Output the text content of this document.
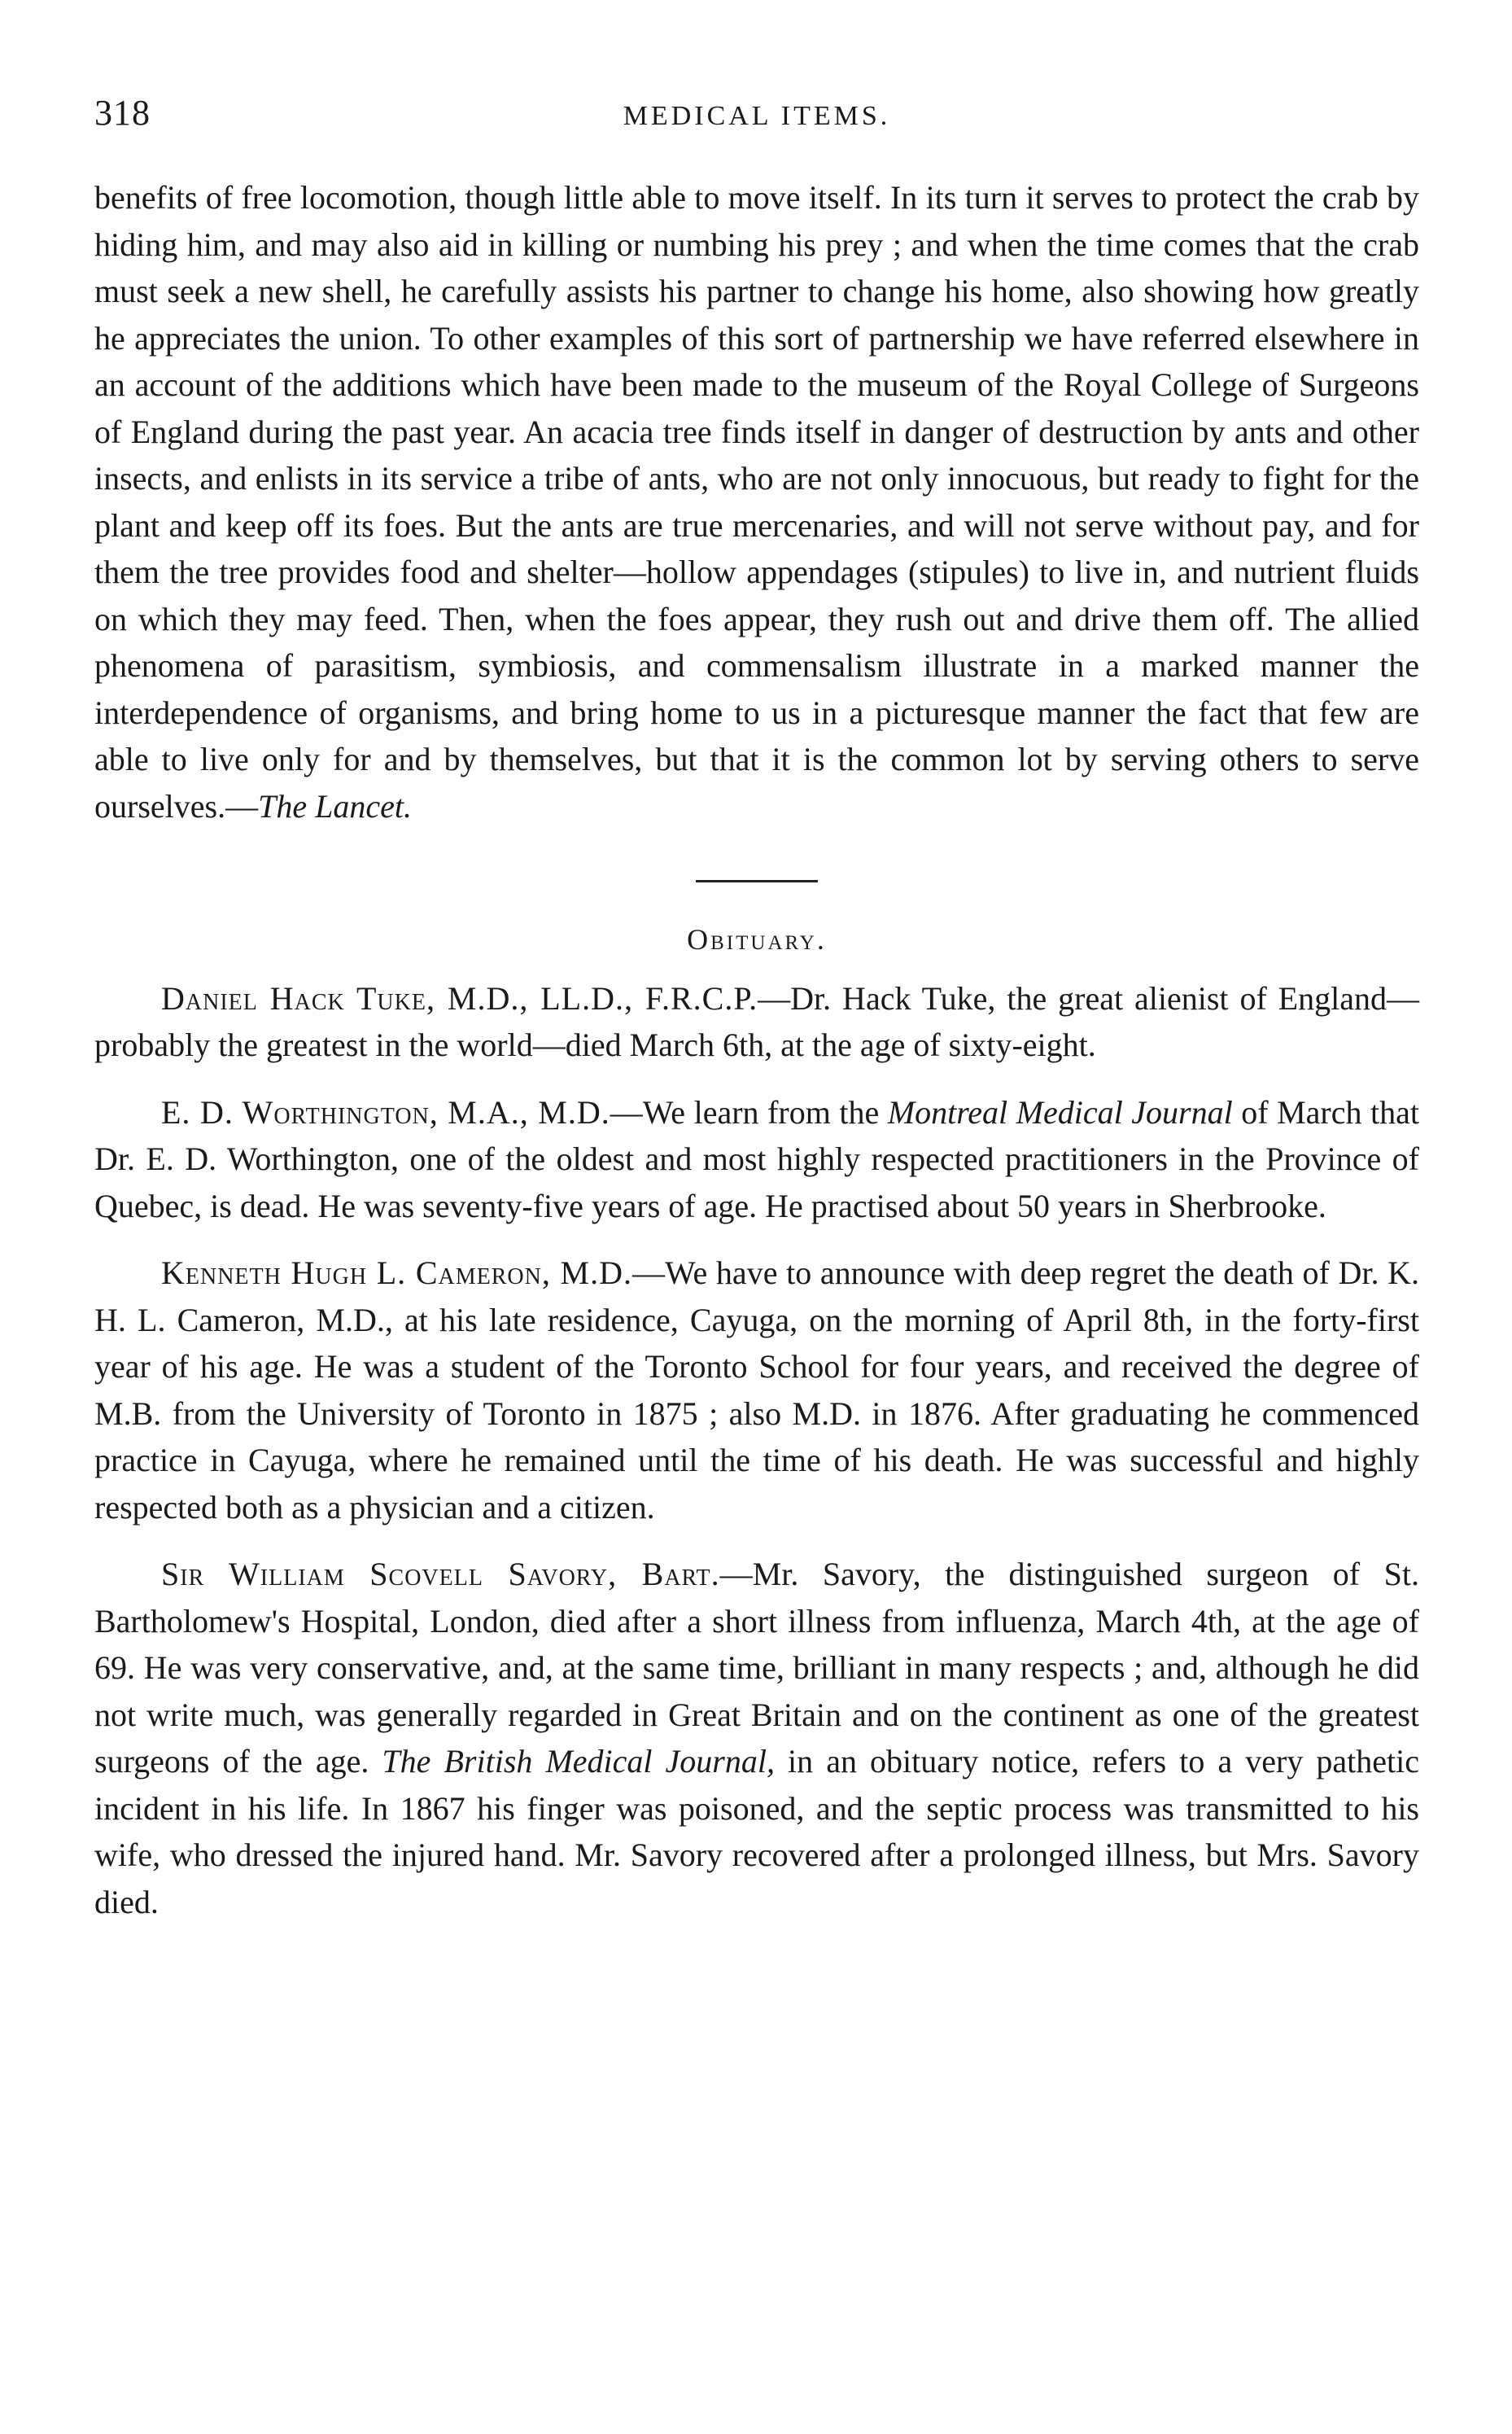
318	MEDICAL ITEMS.

benefits of free locomotion, though little able to move itself. In its turn it serves to protect the crab by hiding him, and may also aid in killing or numbing his prey ; and when the time comes that the crab must seek a new shell, he carefully assists his partner to change his home, also showing how greatly he appreciates the union. To other examples of this sort of partnership we have referred elsewhere in an account of the additions which have been made to the museum of the Royal College of Surgeons of England during the past year. An acacia tree finds itself in danger of destruction by ants and other insects, and enlists in its service a tribe of ants, who are not only innocuous, but ready to fight for the plant and keep off its foes. But the ants are true mercenaries, and will not serve without pay, and for them the tree provides food and shelter—hollow appendages (stipules) to live in, and nutrient fluids on which they may feed. Then, when the foes appear, they rush out and drive them off. The allied phenomena of parasitism, symbiosis, and commensalism illustrate in a marked manner the interdependence of organisms, and bring home to us in a picturesque manner the fact that few are able to live only for and by themselves, but that it is the common lot by serving others to serve ourselves.—The Lancet.

Obituary.

Daniel Hack Tuke, M.D., LL.D., F.R.C.P.—Dr. Hack Tuke, the great alienist of England—probably the greatest in the world—died March 6th, at the age of sixty-eight.

E. D. Worthington, M.A., M.D.—We learn from the Montreal Medical Journal of March that Dr. E. D. Worthington, one of the oldest and most highly respected practitioners in the Province of Quebec, is dead. He was seventy-five years of age. He practised about 50 years in Sherbrooke.

Kenneth Hugh L. Cameron, M.D.—We have to announce with deep regret the death of Dr. K. H. L. Cameron, M.D., at his late residence, Cayuga, on the morning of April 8th, in the forty-first year of his age. He was a student of the Toronto School for four years, and received the degree of M.B. from the University of Toronto in 1875 ; also M.D. in 1876. After graduating he commenced practice in Cayuga, where he remained until the time of his death. He was successful and highly respected both as a physician and a citizen.

Sir William Scovell Savory, Bart.—Mr. Savory, the distinguished surgeon of St. Bartholomew's Hospital, London, died after a short illness from influenza, March 4th, at the age of 69. He was very conservative, and, at the same time, brilliant in many respects ; and, although he did not write much, was generally regarded in Great Britain and on the continent as one of the greatest surgeons of the age. The British Medical Journal, in an obituary notice, refers to a very pathetic incident in his life. In 1867 his finger was poisoned, and the septic process was transmitted to his wife, who dressed the injured hand. Mr. Savory recovered after a prolonged illness, but Mrs. Savory died.
